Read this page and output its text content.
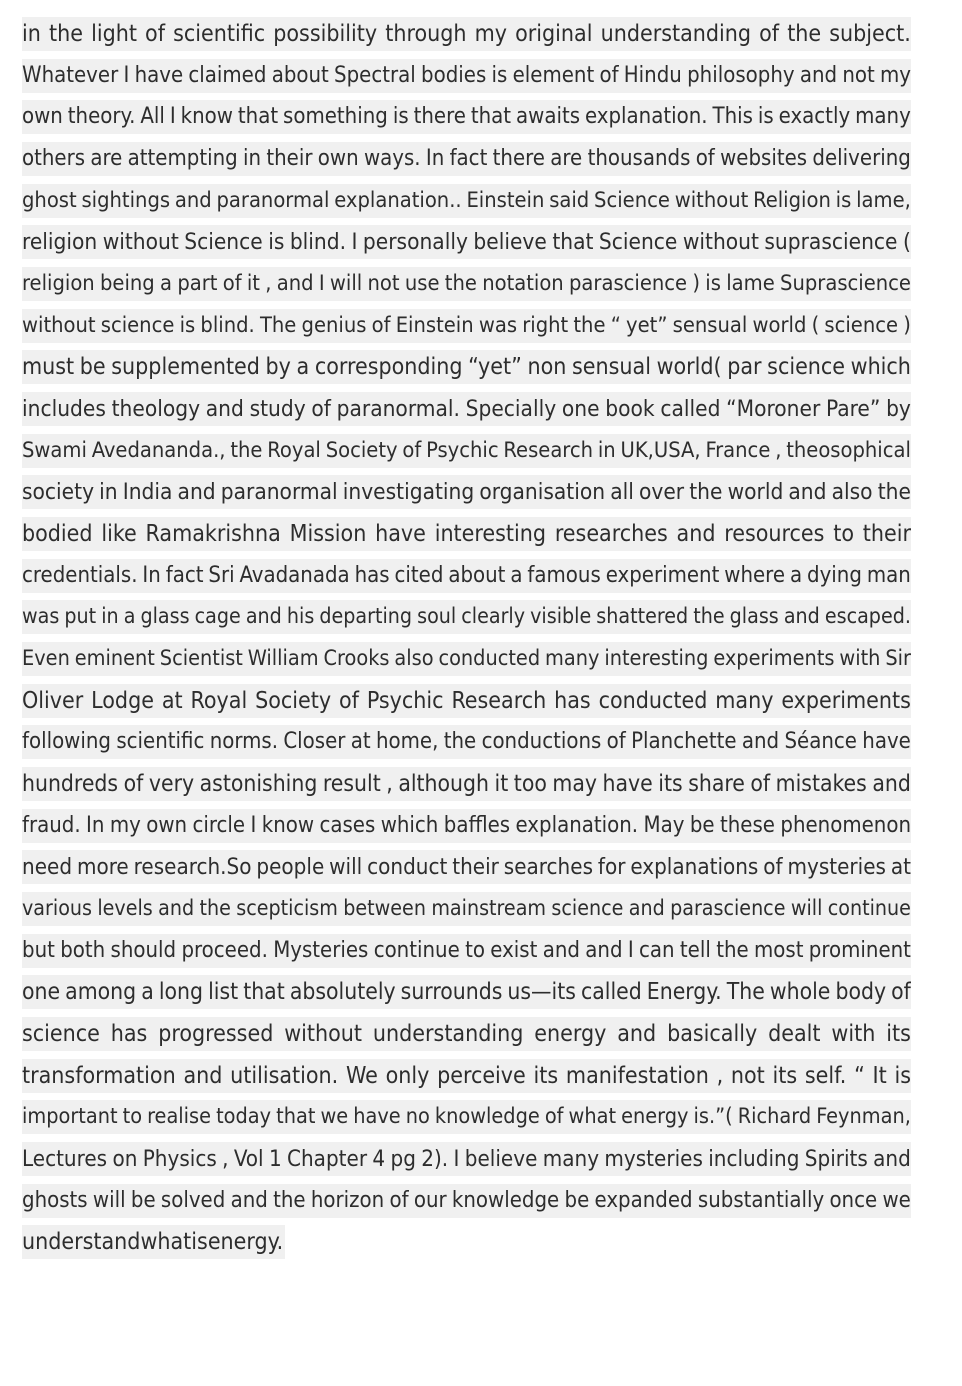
in the light of scientific possibility through my original understanding of the subject.
Whatever I have claimed about Spectral bodies is element of Hindu philosophy and not my
own theory. All I know that something is there that awaits explanation. This is exactly many
others are attempting in their own ways. In fact there are thousands of websites delivering
ghost sightings and paranormal explanation.. Einstein said Science without Religion is lame,
religion without Science is blind. I personally believe that Science without suprascience (
religion being a part of it , and I will not use the notation parascience ) is lame Suprascience
without science is blind. The genius of Einstein was right the “ yet” sensual world ( science )
must be supplemented by a corresponding “yet” non sensual world( par science which
includes theology and study of paranormal. Specially one book called “Moroner Pare” by
Swami Avedananda., the Royal Society of Psychic Research in UK,USA, France , theosophical
society in India and paranormal investigating organisation all over the world and also the
bodied like Ramakrishna Mission have interesting researches and resources to their
credentials. In fact Sri Avadanada has cited about a famous experiment where a dying man
was put in a glass cage and his departing soul clearly visible shattered the glass and escaped.
Even eminent Scientist William Crooks also conducted many interesting experiments with Sir
Oliver Lodge at Royal Society of Psychic Research has conducted many experiments
following scientific norms. Closer at home, the conductions of Planchette and Séance have
hundreds of very astonishing result , although it too may have its share of mistakes and
fraud. In my own circle I know cases which baffles explanation. May be these phenomenon
need more research.So people will conduct their searches for explanations of mysteries at
various levels and the scepticism between mainstream science and parascience will continue
but both should proceed. Mysteries continue to exist and and I can tell the most prominent
one among a long list that absolutely surrounds us—its called Energy. The whole body of
science has progressed without understanding energy and basically dealt with its
transformation and utilisation. We only perceive its manifestation , not its self. “ It is
important to realise today that we have no knowledge of what energy is.”( Richard Feynman,
Lectures on Physics , Vol 1 Chapter 4 pg 2). I believe many mysteries including Spirits and
ghosts will be solved and the horizon of our knowledge be expanded substantially once we
understand what is energy.
